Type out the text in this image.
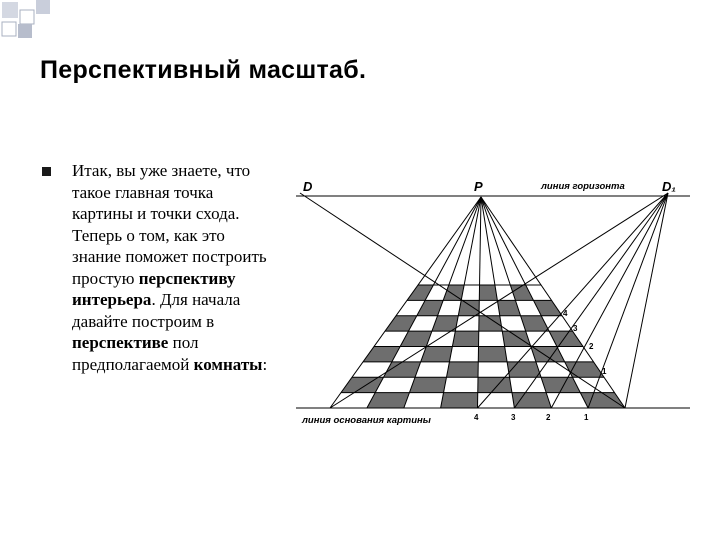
Перспективный масштаб.
Итак, вы уже знаете, что такое главная точка картины и точки схода. Теперь о том, как это знание поможет построить простую перспективу интерьера. Для начала давайте построим в перспективе пол предполагаемой комнаты:
D	P	D₁
линия горизонта
линия основания картины
4
3
2
1
4	3	2	1
